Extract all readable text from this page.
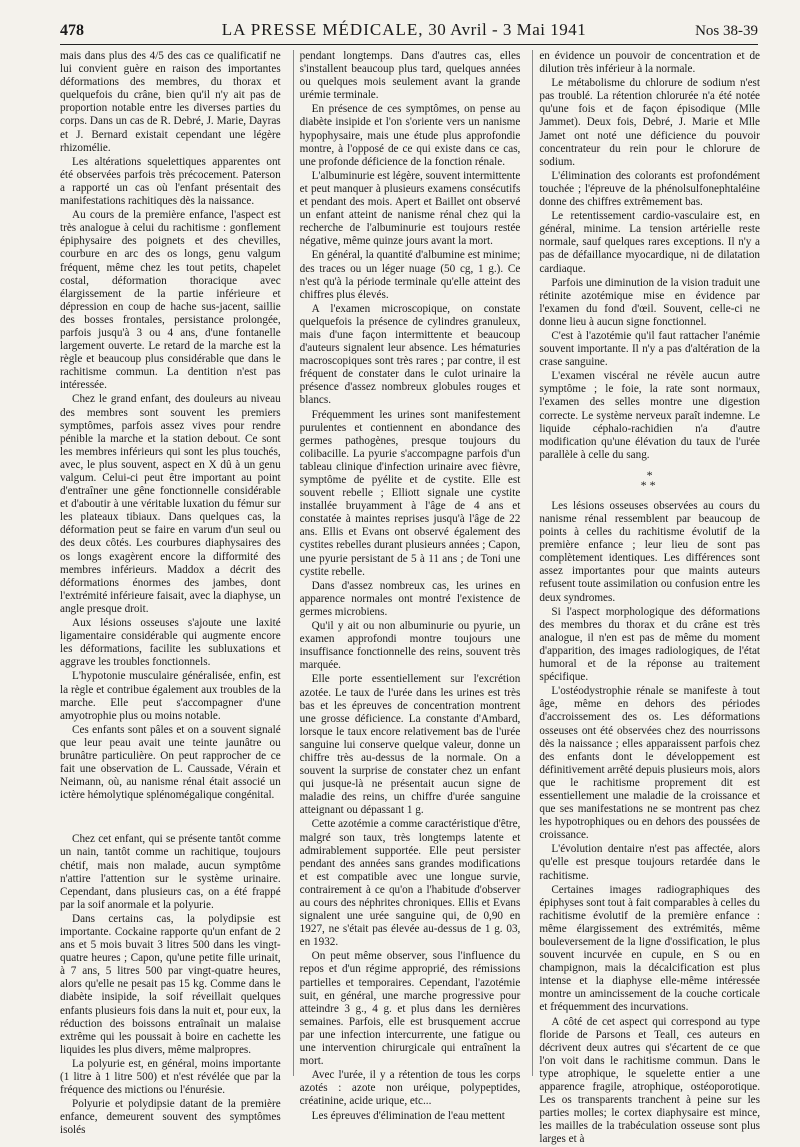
478	LA PRESSE MÉDICALE, 30 Avril - 3 Mai 1941	Nos 38-39

mais dans plus des 4/5 des cas ce qualificatif ne lui convient guère en raison des importantes déformations des membres, du thorax et quelquefois du crâne, bien qu'il n'y ait pas de proportion notable entre les diverses parties du corps. Dans un cas de R. Debré, J. Marie, Dayras et J. Bernard existait cependant une légère rhizomélie.

Les altérations squelettiques apparentes ont été observées parfois très précocement. Paterson a rapporté un cas où l'enfant présentait des manifestations rachitiques dès la naissance.

Au cours de la première enfance, l'aspect est très analogue à celui du rachitisme : gonflement épiphysaire des poignets et des chevilles, courbure en arc des os longs, genu valgum fréquent, même chez les tout petits, chapelet costal, déformation thoracique avec élargissement de la partie inférieure et dépression en coup de hache sus-jacent, saillie des bosses frontales, persistance prolongée, parfois jusqu'à 3 ou 4 ans, d'une fontanelle largement ouverte. Le retard de la marche est la règle et beaucoup plus considérable que dans le rachitisme commun. La dentition n'est pas intéressée.

Chez le grand enfant, des douleurs au niveau des membres sont souvent les premiers symptômes, parfois assez vives pour rendre pénible la marche et la station debout. Ce sont les membres inférieurs qui sont les plus touchés, avec, le plus souvent, aspect en X dû à un genu valgum. Celui-ci peut être important au point d'entraîner une gêne fonctionnelle considérable et d'aboutir à une véritable luxation du fémur sur les plateaux tibiaux. Dans quelques cas, la déformation peut se faire en varum d'un seul ou des deux côtés. Les courbures diaphysaires des os longs exagèrent encore la difformité des membres inférieurs. Maddox a décrit des déformations énormes des jambes, dont l'extrémité inférieure faisait, avec la diaphyse, un angle presque droit.

Aux lésions osseuses s'ajoute une laxité ligamentaire considérable qui augmente encore les déformations, facilite les subluxations et aggrave les troubles fonctionnels.

L'hypotonie musculaire généralisée, enfin, est la règle et contribue également aux troubles de la marche. Elle peut s'accompagner d'une amyotrophie plus ou moins notable.

Ces enfants sont pâles et on a souvent signalé que leur peau avait une teinte jaunâtre ou brunâtre particulière. On peut rapprocher de ce fait une observation de L. Caussade, Vérain et Neimann, où, au nanisme rénal était associé un ictère hémolytique splénomégalique congénital.

Chez cet enfant, qui se présente tantôt comme un nain, tantôt comme un rachitique, toujours chétif, mais non malade, aucun symptôme n'attire l'attention sur le système urinaire. Cependant, dans plusieurs cas, on a été frappé par la soif anormale et la polyurie.

Dans certains cas, la polydipsie est importante. Cockaine rapporte qu'un enfant de 2 ans et 5 mois buvait 3 litres 500 dans les vingt-quatre heures ; Capon, qu'une petite fille urinait, à 7 ans, 5 litres 500 par vingt-quatre heures, alors qu'elle ne pesait pas 15 kg. Comme dans le diabète insipide, la soif réveillait quelques enfants plusieurs fois dans la nuit et, pour eux, la réduction des boissons entraînait un malaise extrême qui les poussait à boire en cachette les liquides les plus divers, même malpropres.

La polyurie est, en général, moins importante (1 litre à 1 litre 500) et n'est révélée que par la fréquence des mictions ou l'énurésie.

Polyurie et polydipsie datant de la première enfance, demeurent souvent des symptômes isolés

pendant longtemps. Dans d'autres cas, elles s'installent beaucoup plus tard, quelques années ou quelques mois seulement avant la grande urémie terminale.

En présence de ces symptômes, on pense au diabète insipide et l'on s'oriente vers un nanisme hypophysaire, mais une étude plus approfondie montre, à l'opposé de ce qui existe dans ce cas, une profonde déficience de la fonction rénale.

L'albuminurie est légère, souvent intermittente et peut manquer à plusieurs examens consécutifs et pendant des mois. Apert et Baillet ont observé un enfant atteint de nanisme rénal chez qui la recherche de l'albuminurie est toujours restée négative, même quinze jours avant la mort.

En général, la quantité d'albumine est minime; des traces ou un léger nuage (50 cg, 1 g.). Ce n'est qu'à la période terminale qu'elle atteint des chiffres plus élevés.

A l'examen microscopique, on constate quelquefois la présence de cylindres granuleux, mais d'une façon intermittente et beaucoup d'auteurs signalent leur absence. Les hématuries macroscopiques sont très rares ; par contre, il est fréquent de constater dans le culot urinaire la présence d'assez nombreux globules rouges et blancs.

Fréquemment les urines sont manifestement purulentes et contiennent en abondance des germes pathogènes, presque toujours du colibacille. La pyurie s'accompagne parfois d'un tableau clinique d'infection urinaire avec fièvre, symptôme de pyélite et de cystite. Elle est souvent rebelle ; Elliott signale une cystite installée bruyamment à l'âge de 4 ans et constatée à maintes reprises jusqu'à l'âge de 22 ans. Ellis et Evans ont observé également des cystites rebelles durant plusieurs années ; Capon, une pyurie persistant de 5 à 11 ans ; de Toni une cystite rebelle.

Dans d'assez nombreux cas, les urines en apparence normales ont montré l'existence de germes microbiens.

Qu'il y ait ou non albuminurie ou pyurie, un examen approfondi montre toujours une insuffisance fonctionnelle des reins, souvent très marquée.

Elle porte essentiellement sur l'excrétion azotée. Le taux de l'urée dans les urines est très bas et les épreuves de concentration montrent une grosse déficience. La constante d'Ambard, lorsque le taux encore relativement bas de l'urée sanguine lui conserve quelque valeur, donne un chiffre très au-dessus de la normale. On a souvent la surprise de constater chez un enfant qui jusque-là ne présentait aucun signe de maladie des reins, un chiffre d'urée sanguine atteignant ou dépassant 1 g.

Cette azotémie a comme caractéristique d'être, malgré son taux, très longtemps latente et admirablement supportée. Elle peut persister pendant des années sans grandes modifications et est compatible avec une longue survie, contrairement à ce qu'on a l'habitude d'observer au cours des néphrites chroniques. Ellis et Evans signalent une urée sanguine qui, de 0,90 en 1927, ne s'était pas élevée au-dessus de 1 g. 03, en 1932.

On peut même observer, sous l'influence du repos et d'un régime approprié, des rémissions partielles et temporaires. Cependant, l'azotémie suit, en général, une marche progressive pour atteindre 3 g., 4 g. et plus dans les dernières semaines. Parfois, elle est brusquement accrue par une infection intercurrente, une fatigue ou une intervention chirurgicale qui entraînent la mort.

Avec l'urée, il y a rétention de tous les corps azotés : azote non uréique, polypeptides, créatinine, acide urique, etc...

Les épreuves d'élimination de l'eau mettent

en évidence un pouvoir de concentration et de dilution très inférieur à la normale.

Le métabolisme du chlorure de sodium n'est pas troublé. La rétention chlorurée n'a été notée qu'une fois et de façon épisodique (Mlle Jammet). Deux fois, Debré, J. Marie et Mlle Jamet ont noté une déficience du pouvoir concentrateur du rein pour le chlorure de sodium.

L'élimination des colorants est profondément touchée ; l'épreuve de la phénolsulfonephtaléine donne des chiffres extrêmement bas.

Le retentissement cardio-vasculaire est, en général, minime. La tension artérielle reste normale, sauf quelques rares exceptions. Il n'y a pas de défaillance myocardique, ni de dilatation cardiaque.

Parfois une diminution de la vision traduit une rétinite azotémique mise en évidence par l'examen du fond d'œil. Souvent, celle-ci ne donne lieu à aucun signe fonctionnel.

C'est à l'azotémie qu'il faut rattacher l'anémie souvent importante. Il n'y a pas d'altération de la crase sanguine.

L'examen viscéral ne révèle aucun autre symptôme ; le foie, la rate sont normaux, l'examen des selles montre une digestion correcte. Le système nerveux paraît indemne. Le liquide céphalo-rachidien n'a d'autre modification qu'une élévation du taux de l'urée parallèle à celle du sang.

*
**

Les lésions osseuses observées au cours du nanisme rénal ressemblent par beaucoup de points à celles du rachitisme évolutif de la première enfance ; leur lieu de sont pas complètement identiques. Les différences sont assez importantes pour que maints auteurs refusent toute assimilation ou confusion entre les deux syndromes.

Si l'aspect morphologique des déformations des membres du thorax et du crâne est très analogue, il n'en est pas de même du moment d'apparition, des images radiologiques, de l'état humoral et de la réponse au traitement spécifique.

L'ostéodystrophie rénale se manifeste à tout âge, même en dehors des périodes d'accroissement des os. Les déformations osseuses ont été observées chez des nourrissons dès la naissance ; elles apparaissent parfois chez des enfants dont le développement est définitivement arrêté depuis plusieurs mois, alors que le rachitisme proprement dit est essentiellement une maladie de la croissance et que ses manifestations ne se montrent pas chez les hypotrophiques ou en dehors des poussées de croissance.

L'évolution dentaire n'est pas affectée, alors qu'elle est presque toujours retardée dans le rachitisme.

Certaines images radiographiques des épiphyses sont tout à fait comparables à celles du rachitisme évolutif de la première enfance : même élargissement des extrémités, même bouleversement de la ligne d'ossification, le plus souvent incurvée en cupule, en S ou en champignon, mais la décalcification est plus intense et la diaphyse elle-même intéressée montre un amincissement de la couche corticale et fréquemment des incurvations.

A côté de cet aspect qui correspond au type floride de Parsons et Teall, ces auteurs en décrivent deux autres qui s'écartent de ce que l'on voit dans le rachitisme commun. Dans le type atrophique, le squelette entier a une apparence fragile, atrophique, ostéoporotique. Les os transparents tranchent à peine sur les parties molles; le cortex diaphysaire est mince, les mailles de la trabéculation osseuse sont plus larges et à
